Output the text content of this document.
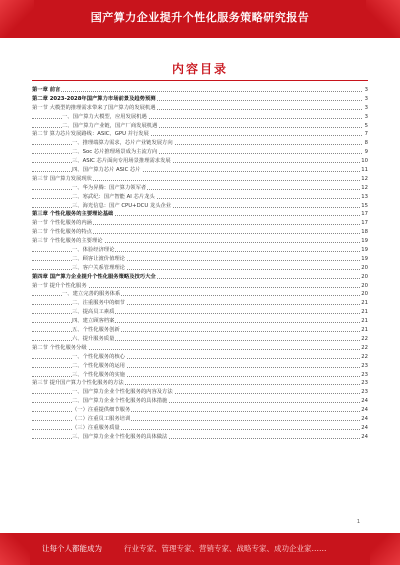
国产算力企业提升个性化服务策略研究报告
内容目录
第一章 前言	3
第二章 2023-2028年国产算力市场前景及趋势预测	3
第一节 大模型的推理需求带来了国产算力的发展机遇	3
一、国产算力大模型，应用发展机遇	3
二、国产算力产业链，国产厂商发展机遇	5
第二节 算力芯片发展路线：ASIC、GPU 并行发展	7
一、推理端算力需求，芯片产业链发展方向	8
二、Soc 芯片推理场景成为主流方向	9
三、ASIC 芯片面向专用场景推理需求发展	10
四、国产算力芯片 ASIC 芯片	11
第三节 国产算力发展现状	12
一、华为昇腾：国产算力领军者	12
二、寒武纪：国产智能 AI 芯片龙头	13
三、海光信息：国产 CPU+DCU 龙头企业	15
第三章 个性化服务的主要理论基础	17
第一节 个性化服务的内涵	17
第二节 个性化服务的特点	18
第三节 个性化服务的主要理论	19
一、体验经济理论	19
二、顾客让渡价值理论	19
三、客户关系管理理论	20
第四章 国产算力企业提升个性化服务策略及技巧大全	20
第一节 提升个性化服务	20
一、建立完善的服务体系	20
二、注重服务中的细节	21
三、提高员工素质	21
四、建立顾客档案	21
五、个性化服务创新	21
六、提升服务质量	22
第二节 个性化服务分级	22
一、个性化服务的核心	22
二、个性化服务的运用	23
三、个性化服务的实施	23
第三节 提升国产算力个性化服务的方法	23
一、国产算力企业个性化服务的内容及方法	23
二、国产算力企业个性化服务的具体措施	24
（一）注重提供细节服务	24
（二）注重员工服务培训	24
（三）注重服务质量	24
三、国产算力企业个性化服务的具体做法	24
1
让每个人都能成为	行业专家、管理专家、营销专家、战略专家、成功企业家……
